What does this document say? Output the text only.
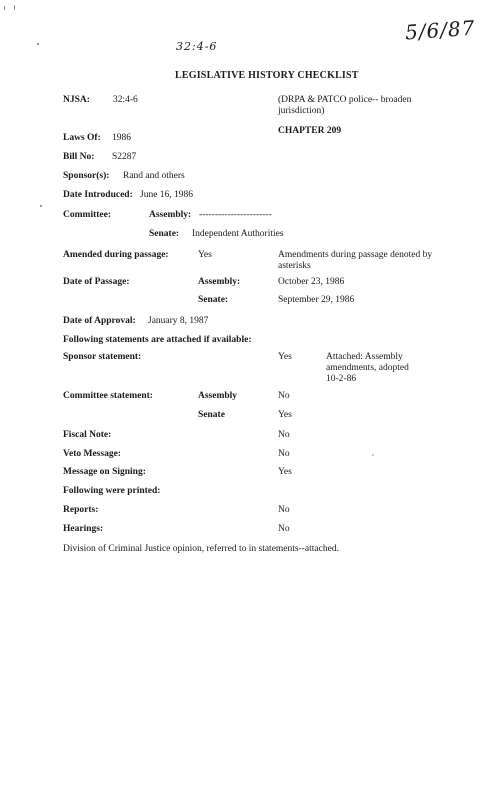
5/6/87
32:4-6
LEGISLATIVE HISTORY CHECKLIST
NJSA: 32:4-6	(DRPA & PATCO police-- broaden jurisdiction)
CHAPTER 209
Laws Of: 1986
Bill No: S2287
Sponsor(s): Rand and others
Date Introduced: June 16, 1986
Committee:	Assembly: -----------------------
Senate: Independent Authorities
Amended during passage:	Yes	Amendments during passage denoted by asterisks
Date of Passage:	Assembly:	October 23, 1986
Senate:	September 29, 1986
Date of Approval: January 8, 1987
Following statements are attached if available:
Sponsor statement:	Yes	Attached: Assembly amendments, adopted 10-2-86
Committee statement:	Assembly	No
Senate	Yes
Fiscal Note:	No
Veto Message:	No
Message on Signing:	Yes
Following were printed:
Reports:	No
Hearings:	No
Division of Criminal Justice opinion, referred to in statements--attached.
